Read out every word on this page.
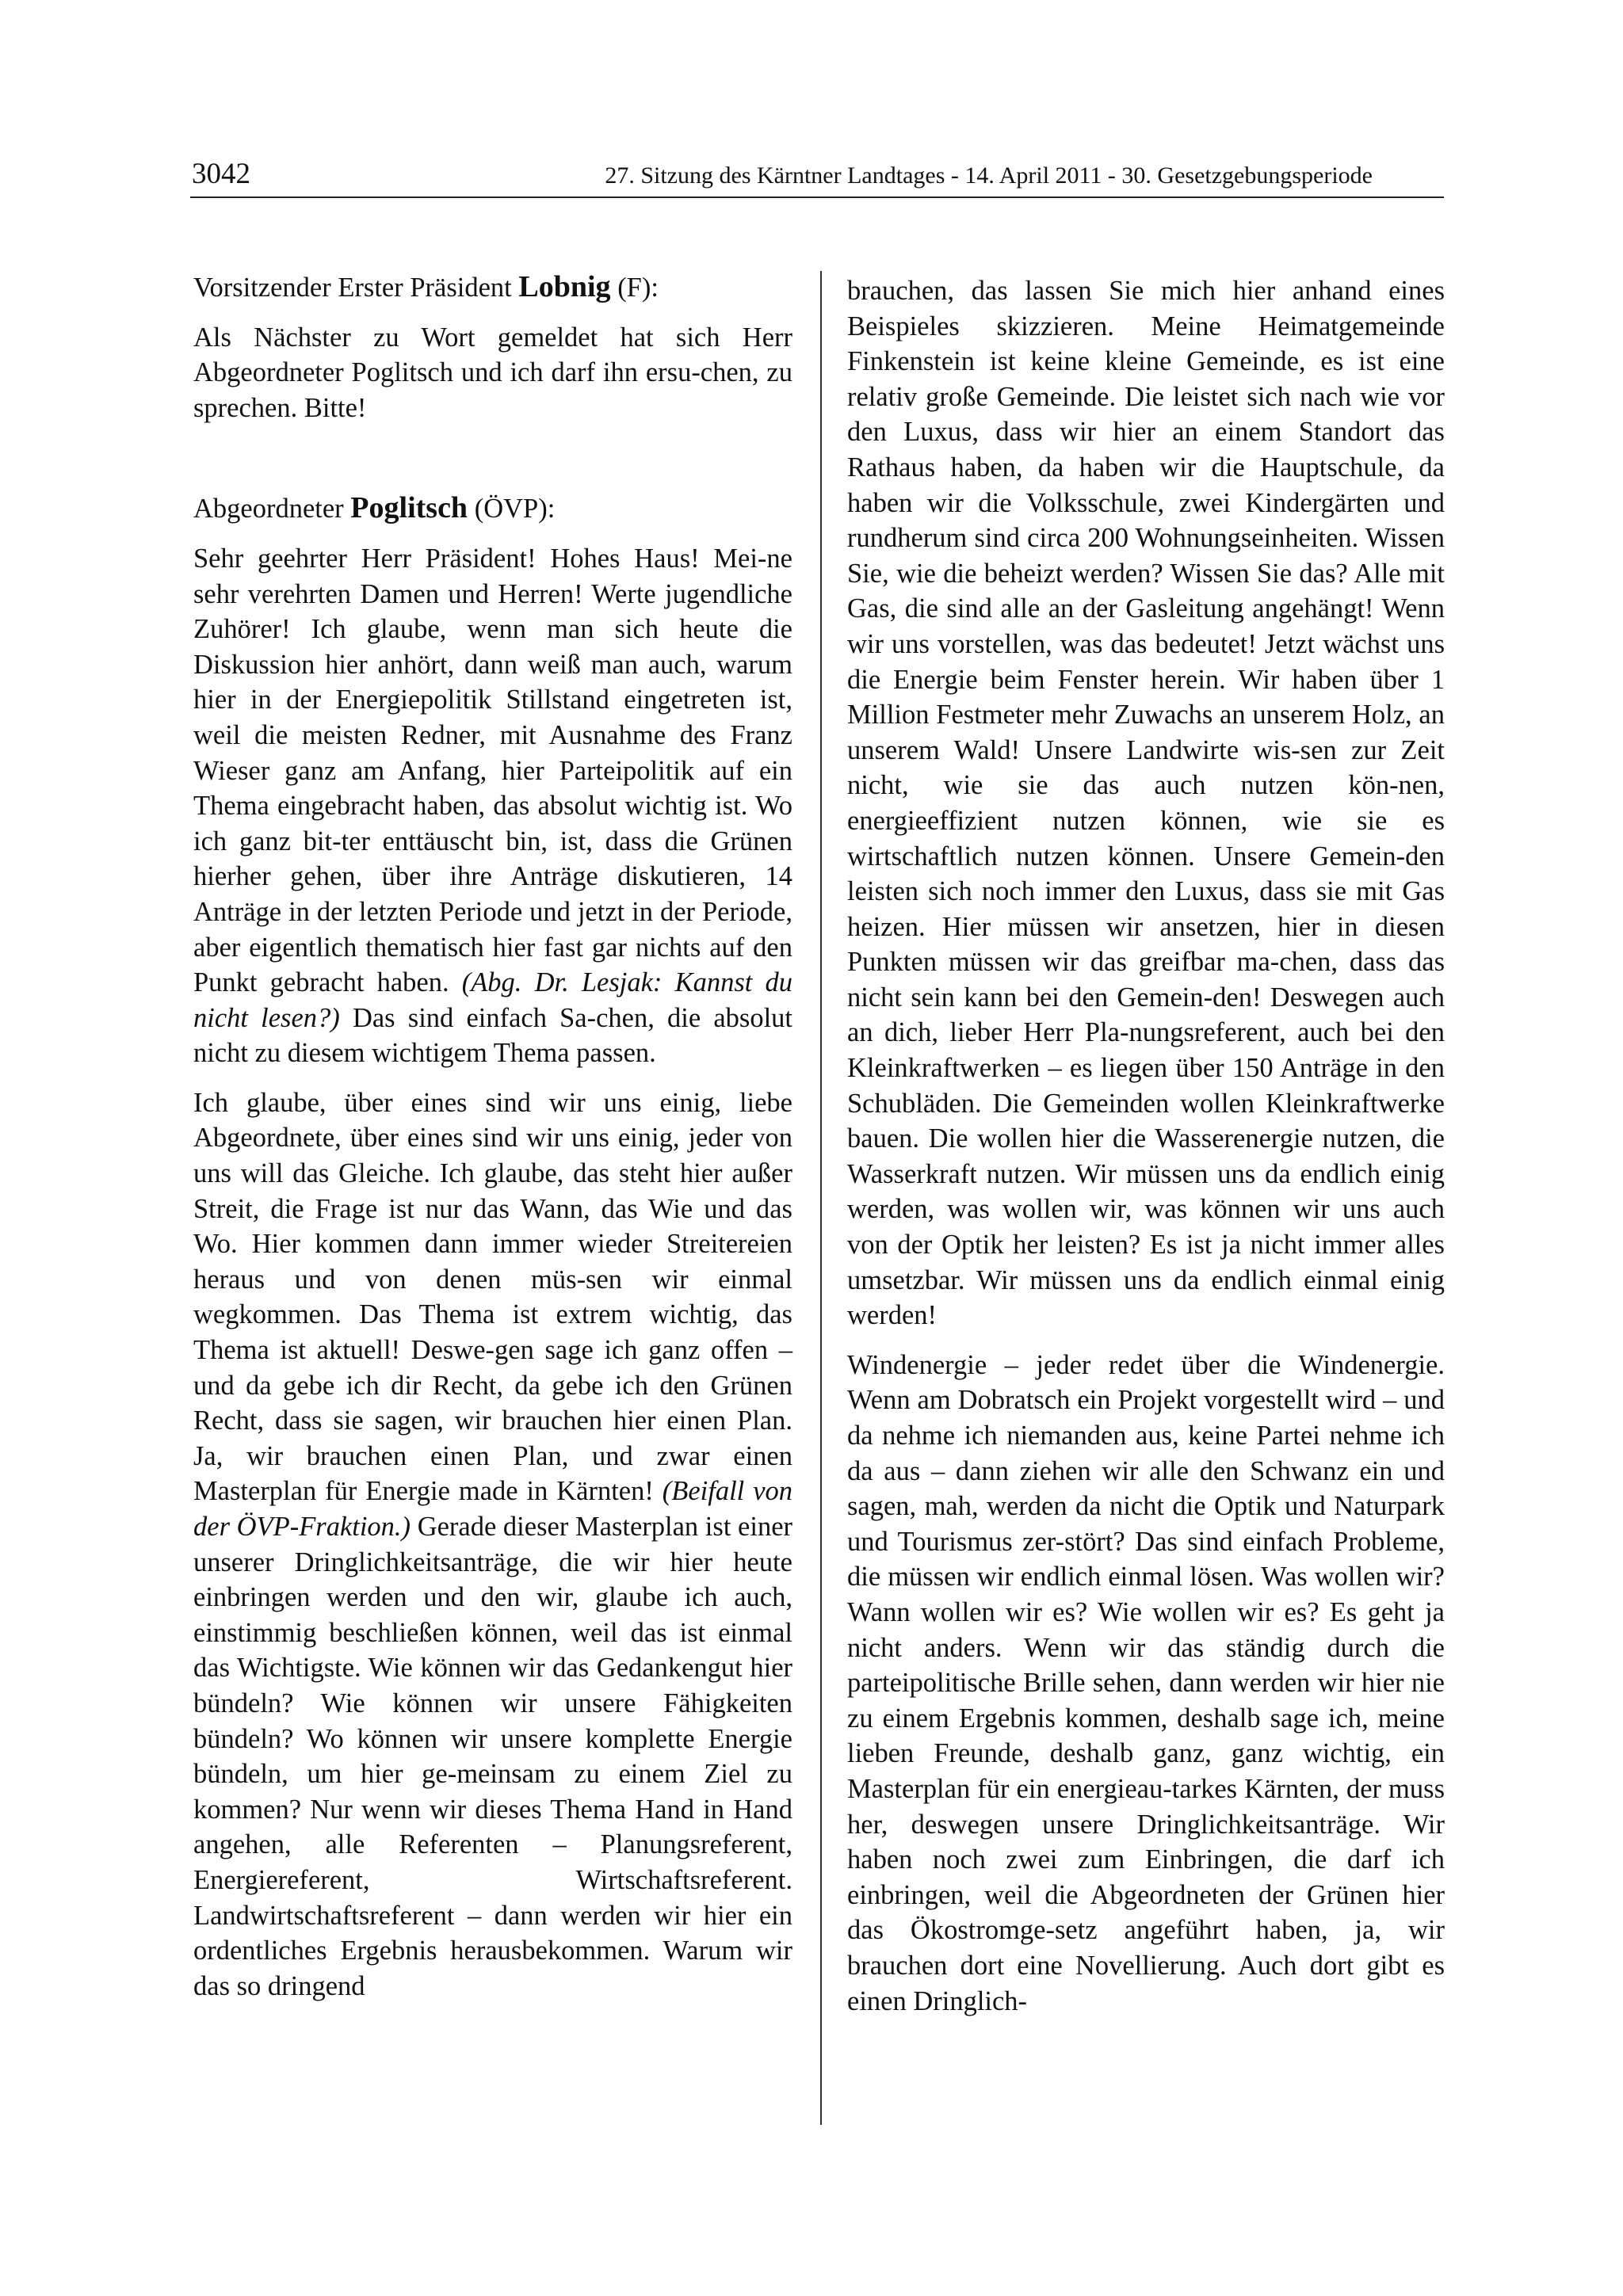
3042	27. Sitzung des Kärntner Landtages - 14. April 2011 - 30. Gesetzgebungsperiode

Vorsitzender Erster Präsident Lobnig (F):

Als Nächster zu Wort gemeldet hat sich Herr Abgeordneter Poglitsch und ich darf ihn ersu-chen, zu sprechen. Bitte!

Abgeordneter Poglitsch (ÖVP):

Sehr geehrter Herr Präsident! Hohes Haus! Mei-ne sehr verehrten Damen und Herren! Werte jugendliche Zuhörer! Ich glaube, wenn man sich heute die Diskussion hier anhört, dann weiß man auch, warum hier in der Energiepolitik Stillstand eingetreten ist, weil die meisten Redner, mit Ausnahme des Franz Wieser ganz am Anfang, hier Parteipolitik auf ein Thema eingebracht haben, das absolut wichtig ist. Wo ich ganz bit-ter enttäuscht bin, ist, dass die Grünen hierher gehen, über ihre Anträge diskutieren, 14 Anträge in der letzten Periode und jetzt in der Periode, aber eigentlich thematisch hier fast gar nichts auf den Punkt gebracht haben. (Abg. Dr. Lesjak: Kannst du nicht lesen?) Das sind einfach Sa-chen, die absolut nicht zu diesem wichtigem Thema passen.

Ich glaube, über eines sind wir uns einig, liebe Abgeordnete, über eines sind wir uns einig, jeder von uns will das Gleiche. Ich glaube, das steht hier außer Streit, die Frage ist nur das Wann, das Wie und das Wo. Hier kommen dann immer wieder Streitereien heraus und von denen müs-sen wir einmal wegkommen. Das Thema ist extrem wichtig, das Thema ist aktuell! Deswe-gen sage ich ganz offen – und da gebe ich dir Recht, da gebe ich den Grünen Recht, dass sie sagen, wir brauchen hier einen Plan. Ja, wir brauchen einen Plan, und zwar einen Masterplan für Energie made in Kärnten! (Beifall von der ÖVP-Fraktion.) Gerade dieser Masterplan ist einer unserer Dringlichkeitsanträge, die wir hier heute einbringen werden und den wir, glaube ich auch, einstimmig beschließen können, weil das ist einmal das Wichtigste. Wie können wir das Gedankengut hier bündeln? Wie können wir unsere Fähigkeiten bündeln? Wo können wir unsere komplette Energie bündeln, um hier ge-meinsam zu einem Ziel zu kommen? Nur wenn wir dieses Thema Hand in Hand angehen, alle Referenten – Planungsreferent, Energiereferent, Wirtschaftsreferent. Landwirtschaftsreferent – dann werden wir hier ein ordentliches Ergebnis herausbekommen. Warum wir das so dringend

brauchen, das lassen Sie mich hier anhand eines Beispieles skizzieren. Meine Heimatgemeinde Finkenstein ist keine kleine Gemeinde, es ist eine relativ große Gemeinde. Die leistet sich nach wie vor den Luxus, dass wir hier an einem Standort das Rathaus haben, da haben wir die Hauptschule, da haben wir die Volksschule, zwei Kindergärten und rundherum sind circa 200 Wohnungseinheiten. Wissen Sie, wie die beheizt werden? Wissen Sie das? Alle mit Gas, die sind alle an der Gasleitung angehängt! Wenn wir uns vorstellen, was das bedeutet! Jetzt wächst uns die Energie beim Fenster herein. Wir haben über 1 Million Festmeter mehr Zuwachs an unserem Holz, an unserem Wald! Unsere Landwirte wis-sen zur Zeit nicht, wie sie das auch nutzen kön-nen, energieeffizient nutzen können, wie sie es wirtschaftlich nutzen können. Unsere Gemein-den leisten sich noch immer den Luxus, dass sie mit Gas heizen. Hier müssen wir ansetzen, hier in diesen Punkten müssen wir das greifbar ma-chen, dass das nicht sein kann bei den Gemein-den! Deswegen auch an dich, lieber Herr Pla-nungsreferent, auch bei den Kleinkraftwerken – es liegen über 150 Anträge in den Schubläden. Die Gemeinden wollen Kleinkraftwerke bauen. Die wollen hier die Wasserenergie nutzen, die Wasserkraft nutzen. Wir müssen uns da endlich einig werden, was wollen wir, was können wir uns auch von der Optik her leisten? Es ist ja nicht immer alles umsetzbar. Wir müssen uns da endlich einmal einig werden!

Windenergie – jeder redet über die Windenergie. Wenn am Dobratsch ein Projekt vorgestellt wird – und da nehme ich niemanden aus, keine Partei nehme ich da aus – dann ziehen wir alle den Schwanz ein und sagen, mah, werden da nicht die Optik und Naturpark und Tourismus zer-stört? Das sind einfach Probleme, die müssen wir endlich einmal lösen. Was wollen wir? Wann wollen wir es? Wie wollen wir es? Es geht ja nicht anders. Wenn wir das ständig durch die parteipolitische Brille sehen, dann werden wir hier nie zu einem Ergebnis kommen, deshalb sage ich, meine lieben Freunde, deshalb ganz, ganz wichtig, ein Masterplan für ein energieau-tarkes Kärnten, der muss her, deswegen unsere Dringlichkeitsanträge. Wir haben noch zwei zum Einbringen, die darf ich einbringen, weil die Abgeordneten der Grünen hier das Ökostromge-setz angeführt haben, ja, wir brauchen dort eine Novellierung. Auch dort gibt es einen Dringlich-
